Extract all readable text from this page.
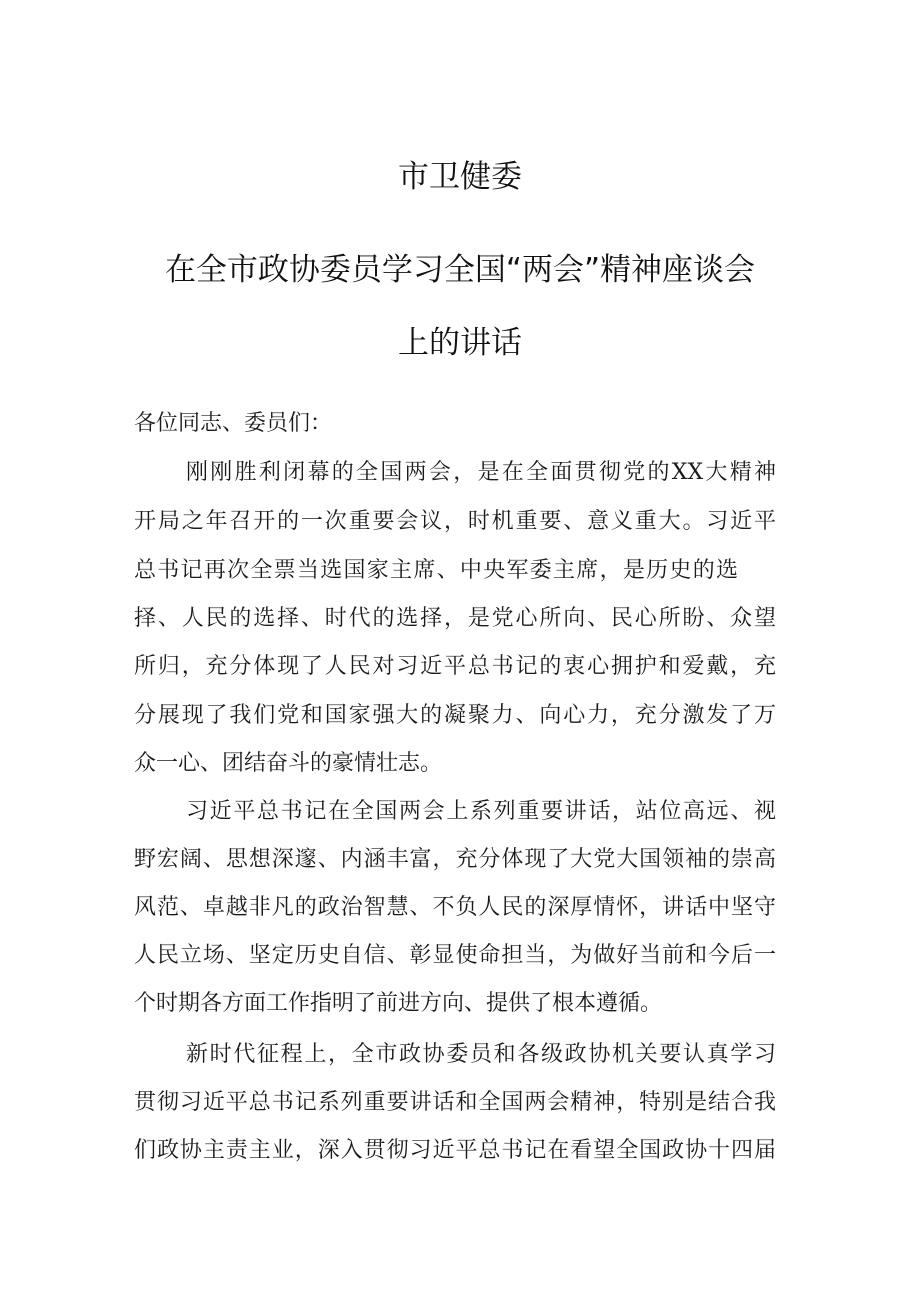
市卫健委
在全市政协委员学习全国“两会”精神座谈会
上的讲话
各位同志、委员们：
刚刚胜利闭幕的全国两会，是在全面贯彻党的XX大精神
开局之年召开的一次重要会议，时机重要、意义重大。习近平
总书记再次全票当选国家主席、中央军委主席，是历史的选
择、人民的选择、时代的选择，是党心所向、民心所盼、众望
所归，充分体现了人民对习近平总书记的衷心拥护和爱戴，充
分展现了我们党和国家强大的凝聚力、向心力，充分激发了万
众一心、团结奋斗的豪情壮志。
习近平总书记在全国两会上系列重要讲话，站位高远、视
野宏阔、思想深邃、内涵丰富，充分体现了大党大国领袖的崇高
风范、卓越非凡的政治智慧、不负人民的深厚情怀，讲话中坚守
人民立场、坚定历史自信、彰显使命担当，为做好当前和今后一
个时期各方面工作指明了前进方向、提供了根本遵循。
新时代征程上，全市政协委员和各级政协机关要认真学习
贯彻习近平总书记系列重要讲话和全国两会精神，特别是结合我
们政协主责主业，深入贯彻习近平总书记在看望全国政协十四届
